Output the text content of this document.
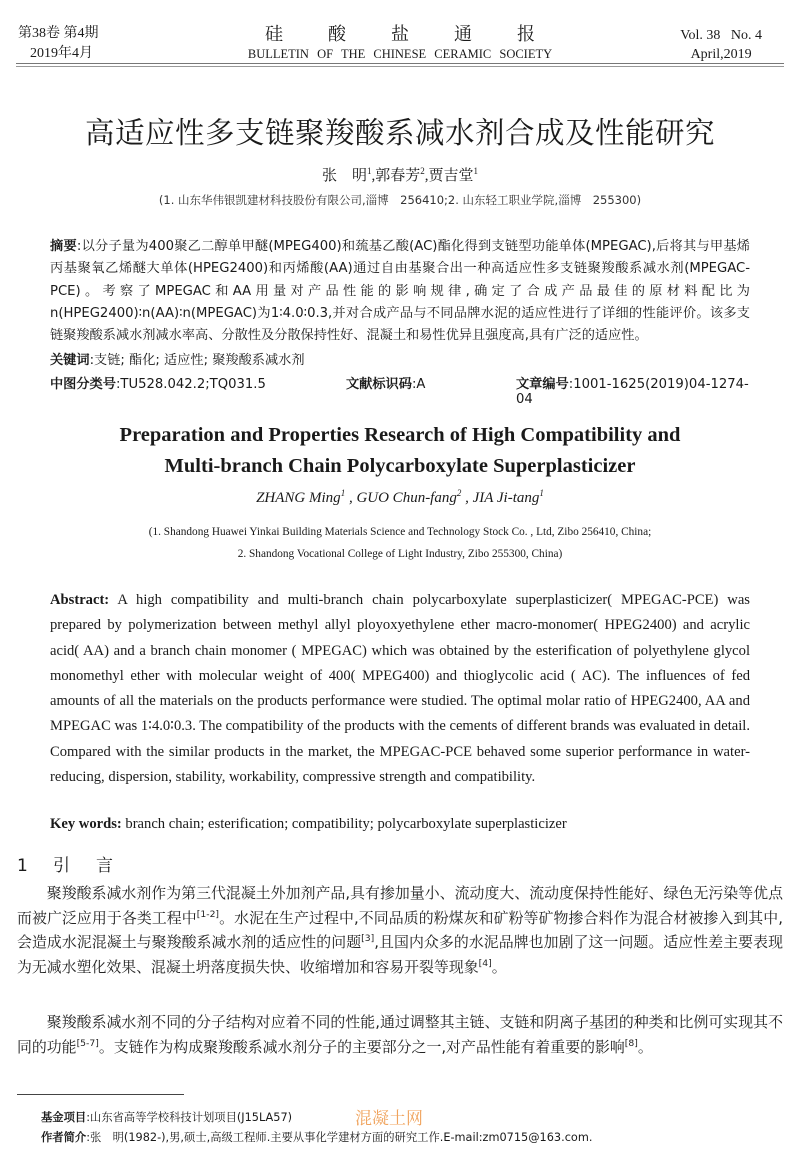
第38卷 第4期
2019年4月
硅	酸	盐	通	报
BULLETIN OF THE CHINESE CERAMIC SOCIETY
Vol. 38   No. 4
April,2019
高适应性多支链聚羧酸系减水剂合成及性能研究
张　明$^1$,郭春芳$^2$,贾吉堂$^1$
(1. 山东华伟银凯建材科技股份有限公司,淄博　256410;2. 山东轻工职业学院,淄博　255300)
摘要:以分子量为400聚乙二醇单甲醚(MPEG400)和巯基乙酸(AC)酯化得到支链型功能单体(MPEGAC),后将其与甲基烯丙基聚氧乙烯醚大单体(HPEG2400)和丙烯酸(AA)通过自由基聚合出一种高适应性多支链聚羧酸系减水剂(MPEGAC-PCE)。考察了MPEGAC和AA用量对产品性能的影响规律,确定了合成产品最佳的原材料配比为n(HPEG2400)∶n(AA)∶n(MPEGAC)为1∶4.0∶0.3,并对合成产品与不同品牌水泥的适应性进行了详细的性能评价。该多支链聚羧酸系减水剂减水率高、分散性及分散保持性好、混凝土和易性优异且强度高,具有广泛的适应性。
关键词:支链; 酯化; 适应性; 聚羧酸系减水剂
中图分类号:TU528.042.2;TQ031.5	文献标识码:A	文章编号:1001-1625(2019)04-1274-04
Preparation and Properties Research of High Compatibility and
Multi-branch Chain Polycarboxylate Superplasticizer
ZHANG Ming$^1$ , GUO Chun-fang$^2$ , JIA Ji-tang$^1$
(1. Shandong Huawei Yinkai Building Materials Science and Technology Stock Co. , Ltd, Zibo 256410, China;
2. Shandong Vocational College of Light Industry, Zibo 255300, China)
Abstract: A high compatibility and multi-branch chain polycarboxylate superplasticizer( MPEGAC-PCE) was prepared by polymerization between methyl allyl ployoxyethylene ether macro-monomer( HPEG2400) and acrylic acid( AA) and a branch chain monomer ( MPEGAC) which was obtained by the esterification of polyethylene glycol monomethyl ether with molecular weight of 400( MPEG400) and thioglycolic acid ( AC). The influences of fed amounts of all the materials on the products performance were studied. The optimal molar ratio of HPEG2400, AA and MPEGAC was 1∶4.0∶0.3. The compatibility of the products with the cements of different brands was evaluated in detail. Compared with the similar products in the market, the MPEGAC-PCE behaved some superior performance in water-reducing, dispersion, stability, workability, compressive strength and compatibility.
Key words: branch chain; esterification; compatibility; polycarboxylate superplasticizer
1 引言
聚羧酸系减水剂作为第三代混凝土外加剂产品,具有掺加量小、流动度大、流动度保持性能好、绿色无污染等优点而被广泛应用于各类工程中[1-2]。水泥在生产过程中,不同品质的粉煤灰和矿粉等矿物掺合料作为混合材被掺入到其中,会造成水泥混凝土与聚羧酸系减水剂的适应性的问题[3],且国内众多的水泥品牌也加剧了这一问题。适应性差主要表现为无减水塑化效果、混凝土坍落度损失快、收缩增加和容易开裂等现象[4]。
聚羧酸系减水剂不同的分子结构对应着不同的性能,通过调整其主链、支链和阴离子基团的种类和比例可实现其不同的功能[5-7]。支链作为构成聚羧酸系减水剂分子的主要部分之一,对产品性能有着重要的影响[8]。
基金项目:山东省高等学校科技计划项目(J15LA57)
作者简介:张　明(1982-),男,硕士,高级工程师.主要从事化学建材方面的研究工作.E-mail:zm0715@163.com.
混凝土网
